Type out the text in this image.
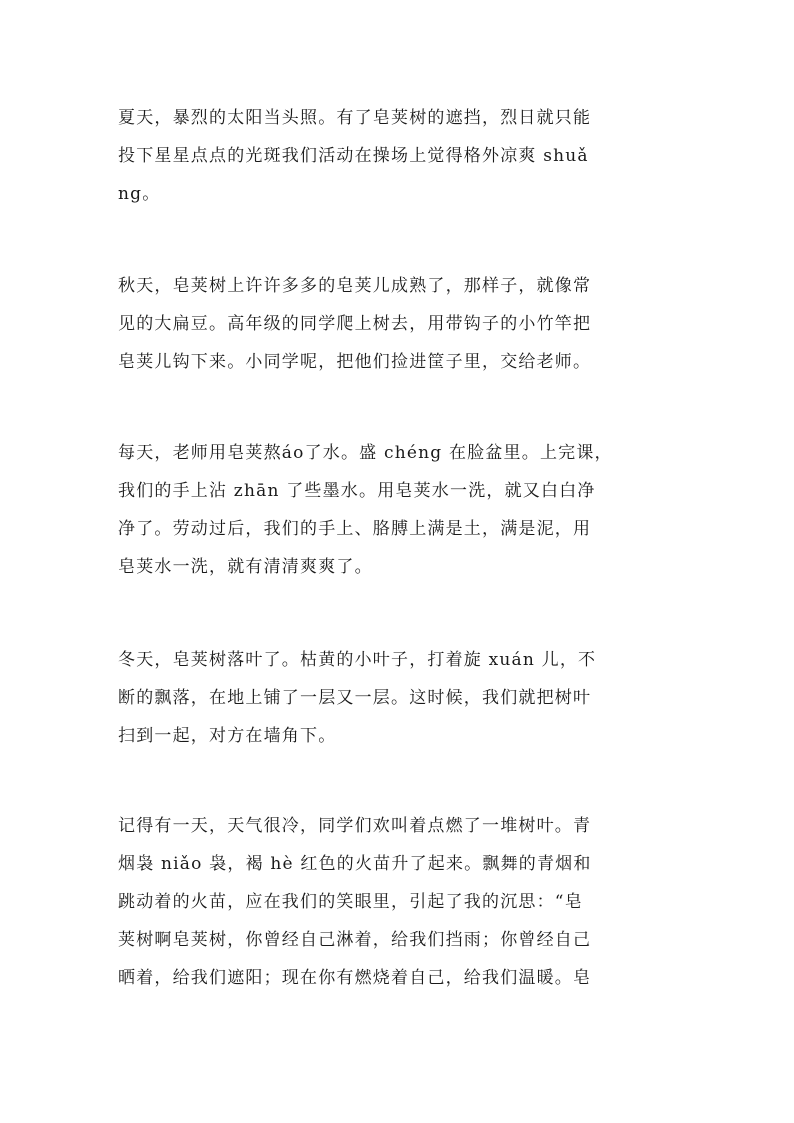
夏天，暴烈的太阳当头照。有了皂荚树的遮挡，烈日就只能
投下星星点点的光斑我们活动在操场上觉得格外凉爽 shuǎ
ng。
秋天，皂荚树上许许多多的皂荚儿成熟了，那样子，就像常
见的大扁豆。高年级的同学爬上树去，用带钩子的小竹竿把
皂荚儿钩下来。小同学呢，把他们捡进筐子里，交给老师。
每天，老师用皂荚熬áo了水。盛 chéng 在脸盆里。上完课，
我们的手上沾 zhān 了些墨水。用皂荚水一洗，就又白白净
净了。劳动过后，我们的手上、胳膊上满是土，满是泥，用
皂荚水一洗，就有清清爽爽了。
冬天，皂荚树落叶了。枯黄的小叶子，打着旋 xuán 儿，不
断的飘落，在地上铺了一层又一层。这时候，我们就把树叶
扫到一起，对方在墙角下。
记得有一天，天气很冷，同学们欢叫着点燃了一堆树叶。青
烟袅 niǎo 袅，褐 hè 红色的火苗升了起来。飘舞的青烟和
跳动着的火苗，应在我们的笑眼里，引起了我的沉思：“皂
荚树啊皂荚树，你曾经自己淋着，给我们挡雨；你曾经自己
晒着，给我们遮阳；现在你有燃烧着自己，给我们温暖。皂
